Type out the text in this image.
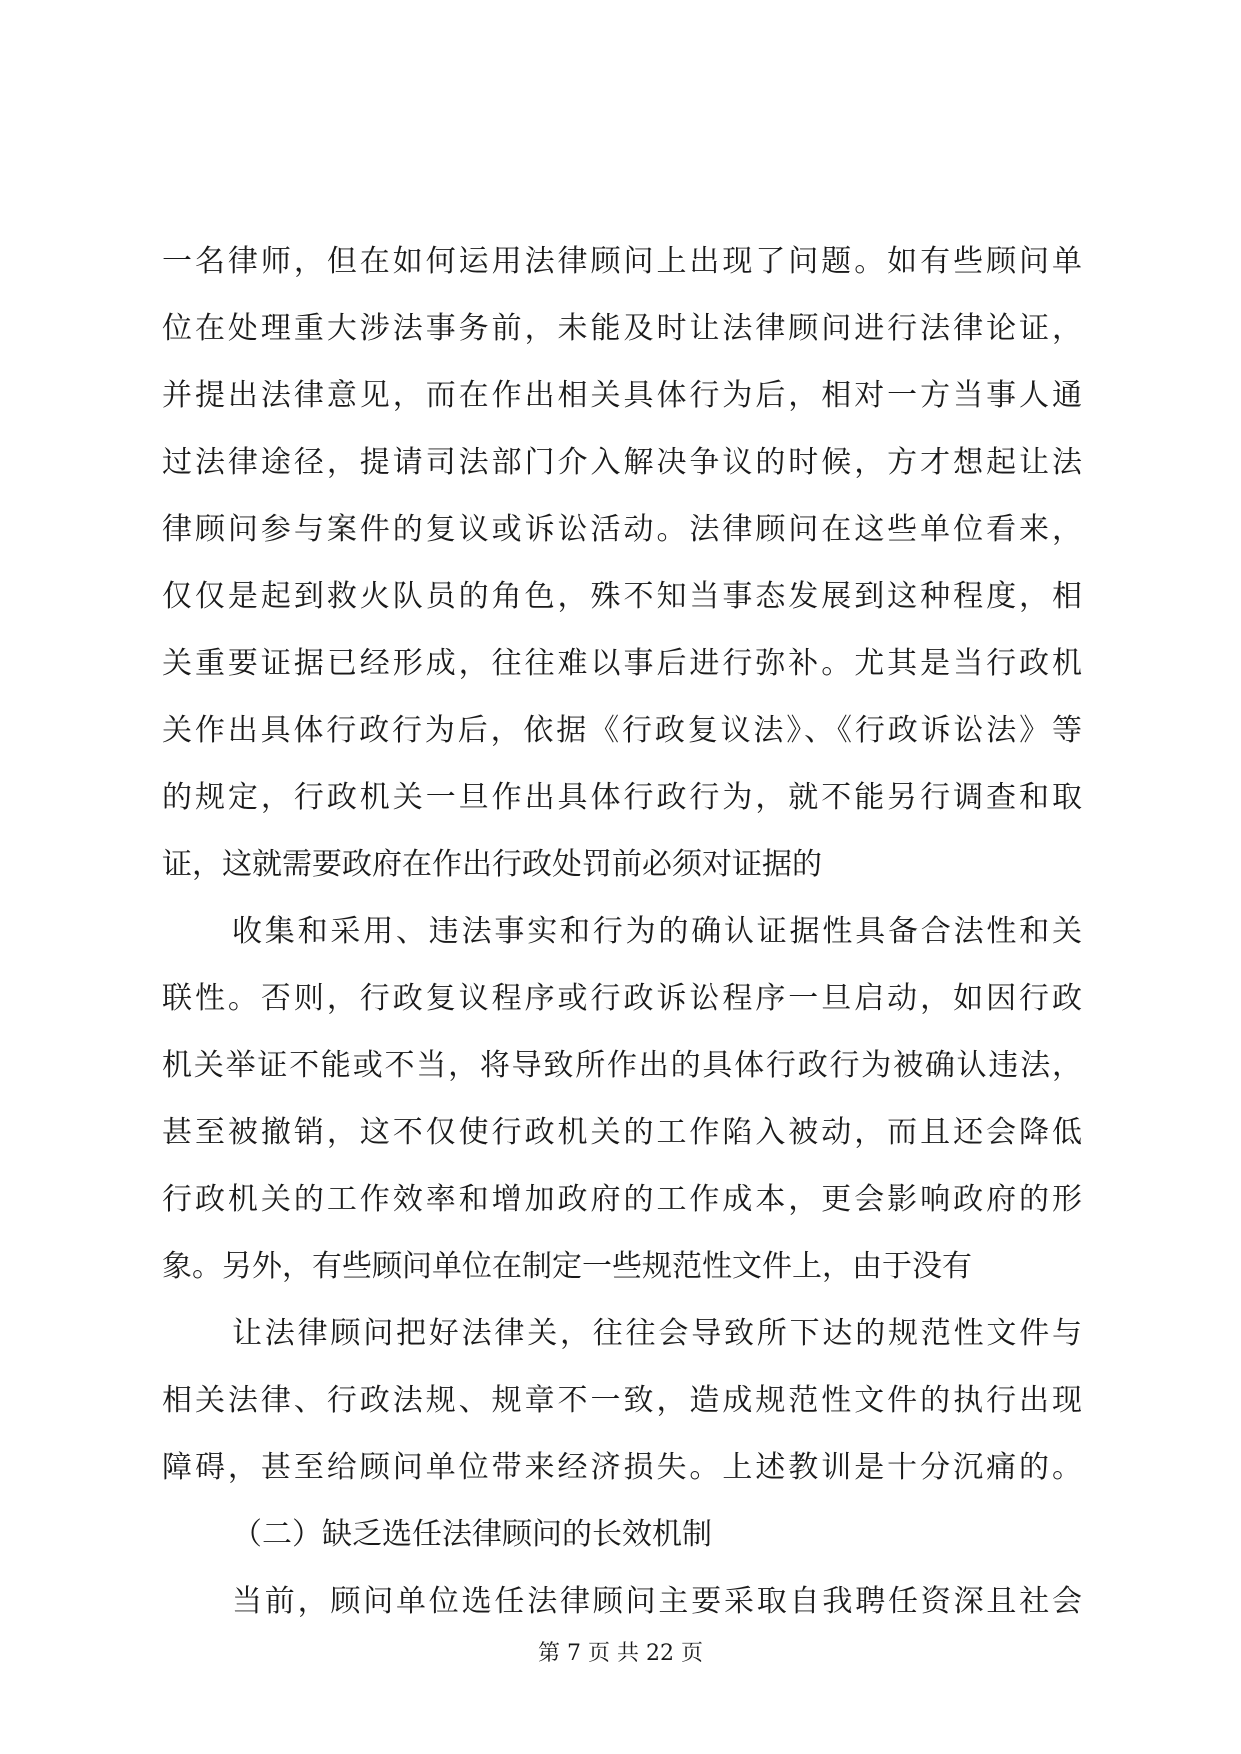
一名律师，但在如何运用法律顾问上出现了问题。如有些顾问单
位在处理重大涉法事务前，未能及时让法律顾问进行法律论证，
并提出法律意见，而在作出相关具体行为后，相对一方当事人通
过法律途径，提请司法部门介入解决争议的时候，方才想起让法
律顾问参与案件的复议或诉讼活动。法律顾问在这些单位看来，
仅仅是起到救火队员的角色，殊不知当事态发展到这种程度，相
关重要证据已经形成，往往难以事后进行弥补。尤其是当行政机
关作出具体行政行为后，依据《行政复议法》、《行政诉讼法》等
的规定，行政机关一旦作出具体行政行为，就不能另行调查和取
证，这就需要政府在作出行政处罚前必须对证据的
收集和采用、违法事实和行为的确认证据性具备合法性和关
联性。否则，行政复议程序或行政诉讼程序一旦启动，如因行政
机关举证不能或不当，将导致所作出的具体行政行为被确认违法，
甚至被撤销，这不仅使行政机关的工作陷入被动，而且还会降低
行政机关的工作效率和增加政府的工作成本，更会影响政府的形
象。另外，有些顾问单位在制定一些规范性文件上，由于没有
让法律顾问把好法律关，往往会导致所下达的规范性文件与
相关法律、行政法规、规章不一致，造成规范性文件的执行出现
障碍，甚至给顾问单位带来经济损失。上述教训是十分沉痛的。
（二）缺乏选任法律顾问的长效机制
当前，顾问单位选任法律顾问主要采取自我聘任资深且社会
第 7 页 共 22 页
